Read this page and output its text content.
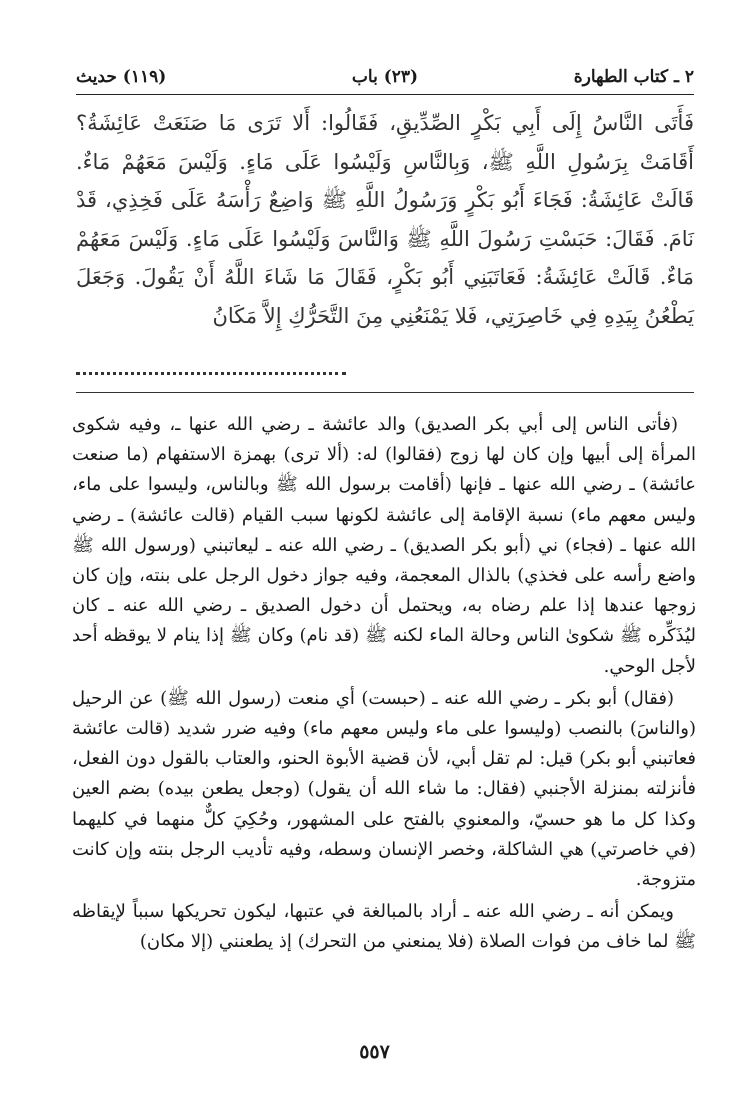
٢ ـ كتاب الطهارة
(٢٣) باب
(١١٩) حديث

فَأَتَى النَّاسُ إِلَى أَبِي بَكْرٍ الصِّدِّيقِ، فَقَالُوا: أَلا تَرَى مَا صَنَعَتْ عَائِشَةُ؟ أَقَامَتْ بِرَسُولِ اللَّهِ ﷺ، وَبِالنَّاسِ وَلَيْسُوا عَلَى مَاءٍ. وَلَيْسَ مَعَهُمْ مَاءٌ. قَالَتْ عَائِشَةُ: فَجَاءَ أَبُو بَكْرٍ وَرَسُولُ اللَّهِ ﷺ وَاضِعٌ رَأْسَهُ عَلَى فَخِذِي، قَدْ نَامَ. فَقَالَ: حَبَسْتِ رَسُولَ اللَّهِ ﷺ وَالنَّاسَ وَلَيْسُوا عَلَى مَاءٍ. وَلَيْسَ مَعَهُمْ مَاءٌ. قَالَتْ عَائِشَةُ: فَعَاتَبَنِي أَبُو بَكْرٍ، فَقَالَ مَا شَاءَ اللَّهُ أَنْ يَقُولَ. وَجَعَلَ يَطْعُنُ بِيَدِهِ فِي خَاصِرَتِي، فَلا يَمْنَعُنِي مِنَ التَّحَرُّكِ إِلاَّ مَكَانُ

(فأتى الناس إلى أبي بكر الصديق) والد عائشة ـ رضي الله عنها ـ، وفيه شكوى المرأة إلى أبيها وإن كان لها زوج (فقالوا) له: (ألا ترى) بهمزة الاستفهام (ما صنعت عائشة) ـ رضي الله عنها ـ فإنها (أقامت برسول الله ﷺ وبالناس، وليسوا على ماء، وليس معهم ماء) نسبة الإقامة إلى عائشة لكونها سبب القيام (قالت عائشة) ـ رضي الله عنها ـ (فجاء) ني (أبو بكر الصديق) ـ رضي الله عنه ـ ليعاتبني (ورسول الله ﷺ واضع رأسه على فخذي) بالذال المعجمة، وفيه جواز دخول الرجل على بنته، وإن كان زوجها عندها إذا علم رضاه به، ويحتمل أن دخول الصديق ـ رضي الله عنه ـ كان ليُذَكِّره ﷺ شكوىٰ الناس وحالة الماء لكنه ﷺ (قد نام) وكان ﷺ إذا ينام لا يوقظه أحد لأجل الوحي.

(فقال) أبو بكر ـ رضي الله عنه ـ (حبست) أي منعت (رسول الله ﷺ) عن الرحيل (والناسَ) بالنصب (وليسوا على ماء وليس معهم ماء) وفيه ضرر شديد (قالت عائشة فعاتبني أبو بكر) قيل: لم تقل أبي، لأن قضية الأبوة الحنو، والعتاب بالقول دون الفعل، فأنزلته بمنزلة الأجنبي (فقال: ما شاء الله أن يقول) (وجعل يطعن بيده) بضم العين وكذا كل ما هو حسيّ، والمعنوي بالفتح على المشهور، وحُكِيَ كلٌّ منهما في كليهما (في خاصرتي) هي الشاكلة، وخصر الإنسان وسطه، وفيه تأديب الرجل بنته وإن كانت متزوجة.

ويمكن أنه ـ رضي الله عنه ـ أراد بالمبالغة في عتبها، ليكون تحريكها سبباً لإيقاظه ﷺ لما خاف من فوات الصلاة (فلا يمنعني من التحرك) إذ يطعنني (إلا مكان)

٥٥٧
